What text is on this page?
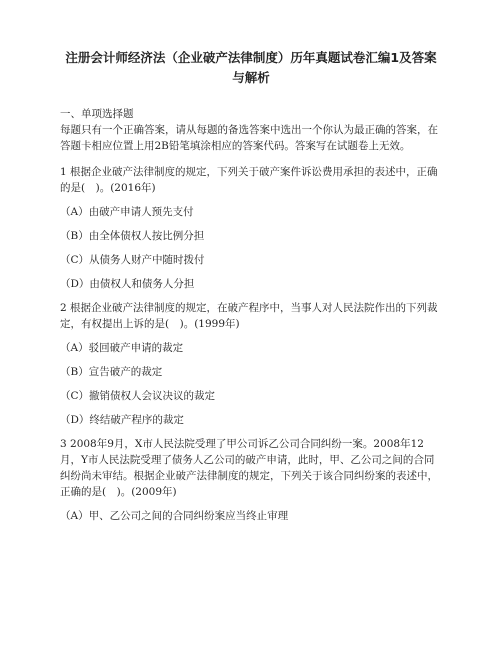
注册会计师经济法（企业破产法律制度）历年真题试卷汇编1及答案
与解析

一、单项选择题

每题只有一个正确答案，请从每题的备选答案中选出一个你认为最正确的答案，在答题卡相应位置上用2B铅笔填涂相应的答案代码。答案写在试题卷上无效。

1 根据企业破产法律制度的规定，下列关于破产案件诉讼费用承担的表述中，正确的是(　)。(2016年)

（A）由破产申请人预先支付

（B）由全体债权人按比例分担

（C）从债务人财产中随时拨付

（D）由债权人和债务人分担

2 根据企业破产法律制度的规定，在破产程序中，当事人对人民法院作出的下列裁定，有权提出上诉的是(　)。(1999年)

（A）驳回破产申请的裁定

（B）宣告破产的裁定

（C）撤销债权人会议决议的裁定

（D）终结破产程序的裁定

3 2008年9月，X市人民法院受理了甲公司诉乙公司合同纠纷一案。2008年12月，Y市人民法院受理了债务人乙公司的破产申请，此时，甲、乙公司之间的合同纠纷尚未审结。根据企业破产法律制度的规定，下列关于该合同纠纷案的表述中，正确的是(　)。(2009年)

（A）甲、乙公司之间的合同纠纷案应当终止审理
